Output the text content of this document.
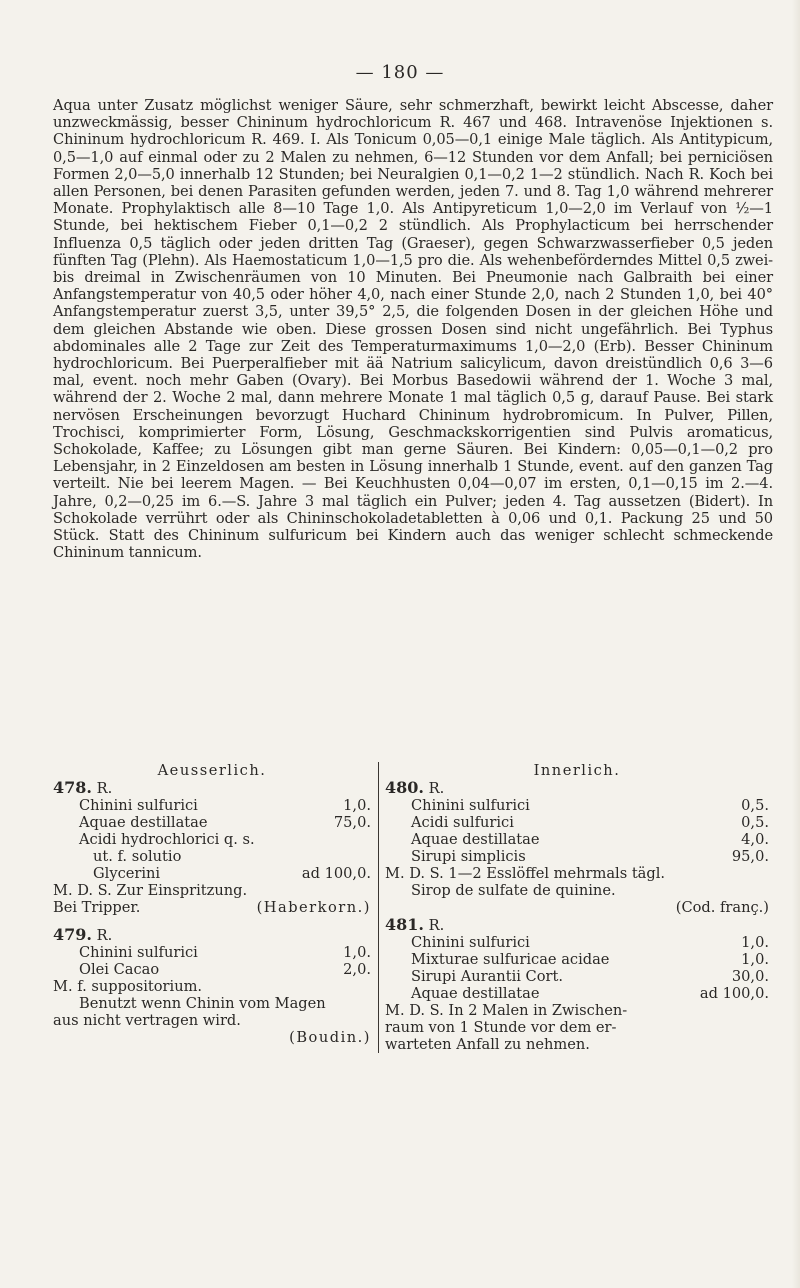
— 180 —

Aqua unter Zusatz möglichst weniger Säure, sehr schmerzhaft, bewirkt leicht Abscesse, daher unzweckmässig, besser Chininum hydrochloricum R. 467 und 468. Intravenöse Injektionen s. Chininum hydrochloricum R. 469. I. Als Tonicum 0,05—0,1 einige Male täglich. Als Antitypicum, 0,5—1,0 auf einmal oder zu 2 Malen zu nehmen, 6—12 Stunden vor dem Anfall; bei perniciösen Formen 2,0—5,0 innerhalb 12 Stunden; bei Neuralgien 0,1—0,2 1—2 stündlich. Nach R. Koch bei allen Personen, bei denen Parasiten gefunden werden, jeden 7. und 8. Tag 1,0 während mehrerer Monate. Prophylaktisch alle 8—10 Tage 1,0. Als Antipyreticum 1,0—2,0 im Verlauf von ½—1 Stunde, bei hektischem Fieber 0,1—0,2 2 stündlich. Als Prophylacticum bei herrschender Influenza 0,5 täglich oder jeden dritten Tag (Graeser), gegen Schwarzwasserfieber 0,5 jeden fünften Tag (Plehn). Als Haemostaticum 1,0—1,5 pro die. Als wehenbeförderndes Mittel 0,5 zwei- bis dreimal in Zwischenräumen von 10 Minuten. Bei Pneumonie nach Galbraith bei einer Anfangstemperatur von 40,5 oder höher 4,0, nach einer Stunde 2,0, nach 2 Stunden 1,0, bei 40° Anfangstemperatur zuerst 3,5, unter 39,5° 2,5, die folgenden Dosen in der gleichen Höhe und dem gleichen Abstande wie oben. Diese grossen Dosen sind nicht ungefährlich. Bei Typhus abdominales alle 2 Tage zur Zeit des Temperaturmaximums 1,0—2,0 (Erb). Besser Chininum hydrochloricum. Bei Puerperalfieber mit ää Natrium salicylicum, davon dreistündlich 0,6 3—6 mal, event. noch mehr Gaben (Ovary). Bei Morbus Basedowii während der 1. Woche 3 mal, während der 2. Woche 2 mal, dann mehrere Monate 1 mal täglich 0,5 g, darauf Pause. Bei stark nervösen Erscheinungen bevorzugt Huchard Chininum hydrobromicum. In Pulver, Pillen, Trochisci, komprimierter Form, Lösung, Geschmackskorrigentien sind Pulvis aromaticus, Schokolade, Kaffee; zu Lösungen gibt man gerne Säuren. Bei Kindern: 0,05—0,1—0,2 pro Lebensjahr, in 2 Einzeldosen am besten in Lösung innerhalb 1 Stunde, event. auf den ganzen Tag verteilt. Nie bei leerem Magen. — Bei Keuchhusten 0,04—0,07 im ersten, 0,1—0,15 im 2.—4. Jahre, 0,2—0,25 im 6.—S. Jahre 3 mal täglich ein Pulver; jeden 4. Tag aussetzen (Bidert). In Schokolade verrührt oder als Chininschokoladetabletten à 0,06 und 0,1. Packung 25 und 50 Stück. Statt des Chininum sulfuricum bei Kindern auch das weniger schlecht schmeckende Chininum tannicum.

Aeusserlich.
478. R.
Chinini sulfurici	1,0.
Aquae destillatae	75,0.
Acidi hydrochlorici q. s.
ut. f. solutio
Glycerini	ad 100,0.
M. D. S. Zur Einspritzung.
Bei Tripper.	(Haberkorn.)
479. R.
Chinini sulfurici	1,0.
Olei Cacao	2,0.
M. f. suppositorium.
Benutzt wenn Chinin vom Magen
aus nicht vertragen wird.
(Boudin.)
Innerlich.
480. R.
Chinini sulfurici	0,5.
Acidi sulfurici	0,5.
Aquae destillatae	4,0.
Sirupi simplicis	95,0.
M. D. S. 1—2 Esslöffel mehrmals tägl.
Sirop de sulfate de quinine.
(Cod. franç.)
481. R.
Chinini sulfurici	1,0.
Mixturae sulfuricae acidae	1,0.
Sirupi Aurantii Cort.	30,0.
Aquae destillatae	ad 100,0.
M. D. S. In 2 Malen in Zwischen-
raum von 1 Stunde vor dem er-
warteten Anfall zu nehmen.
